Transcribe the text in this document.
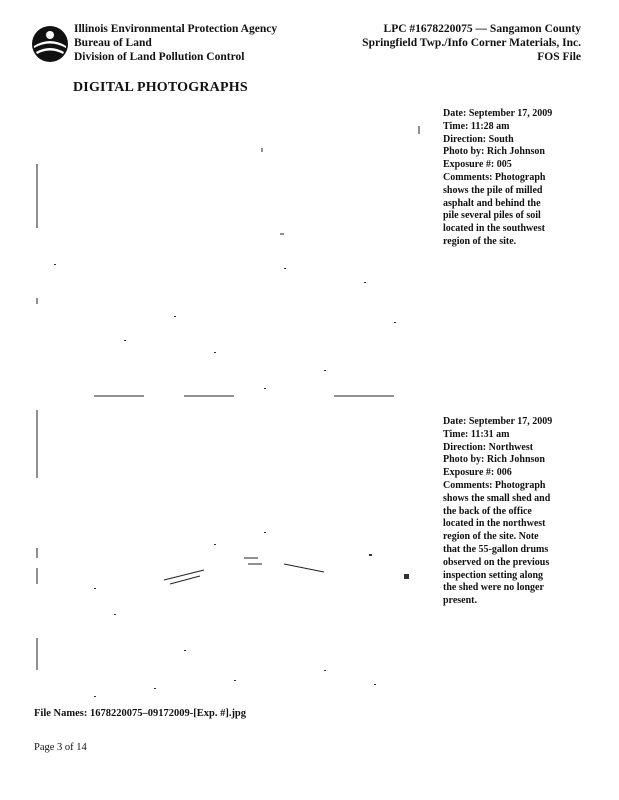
Illinois Environmental Protection Agency
Bureau of Land
Division of Land Pollution Control
LPC #1678220075 — Sangamon County
Springfield Twp./Info Corner Materials, Inc.
FOS File
DIGITAL PHOTOGRAPHS
Date: September 17, 2009
Time: 11:28 am
Direction: South
Photo by: Rich Johnson
Exposure #: 005
Comments: Photograph
shows the pile of milled
asphalt and behind the
pile several piles of soil
located in the southwest
region of the site.
Date: September 17, 2009
Time: 11:31 am
Direction: Northwest
Photo by: Rich Johnson
Exposure #: 006
Comments: Photograph
shows the small shed and
the back of the office
located in the northwest
region of the site. Note
that the 55-gallon drums
observed on the previous
inspection setting along
the shed were no longer
present.
File Names: 1678220075–09172009-[Exp. #].jpg
Page 3 of 14
